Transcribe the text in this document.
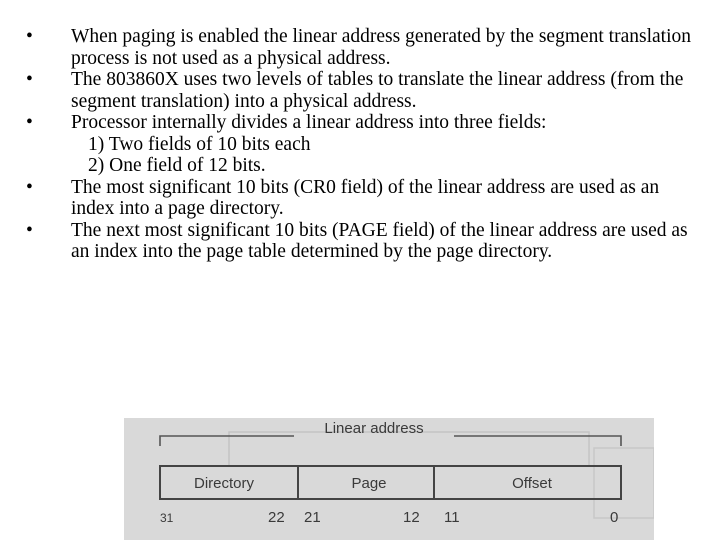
•	When paging is enabled the linear address generated by the segment translation process is not used as a physical address.
•	The 803860X uses two levels of tables to translate the linear address (from the segment translation) into a physical address.
•	Processor internally divides a linear address into three fields:
1) Two fields of 10 bits each
2) One field of 12 bits.
•	The most significant 10 bits (CR0 field) of the linear address are used as an index into a page directory.
•	The next most significant 10 bits (PAGE field) of the linear address are used as an index into the page table determined by the page directory.
Linear address
Directory	Page	Offset
31	22 21	12 11	0
